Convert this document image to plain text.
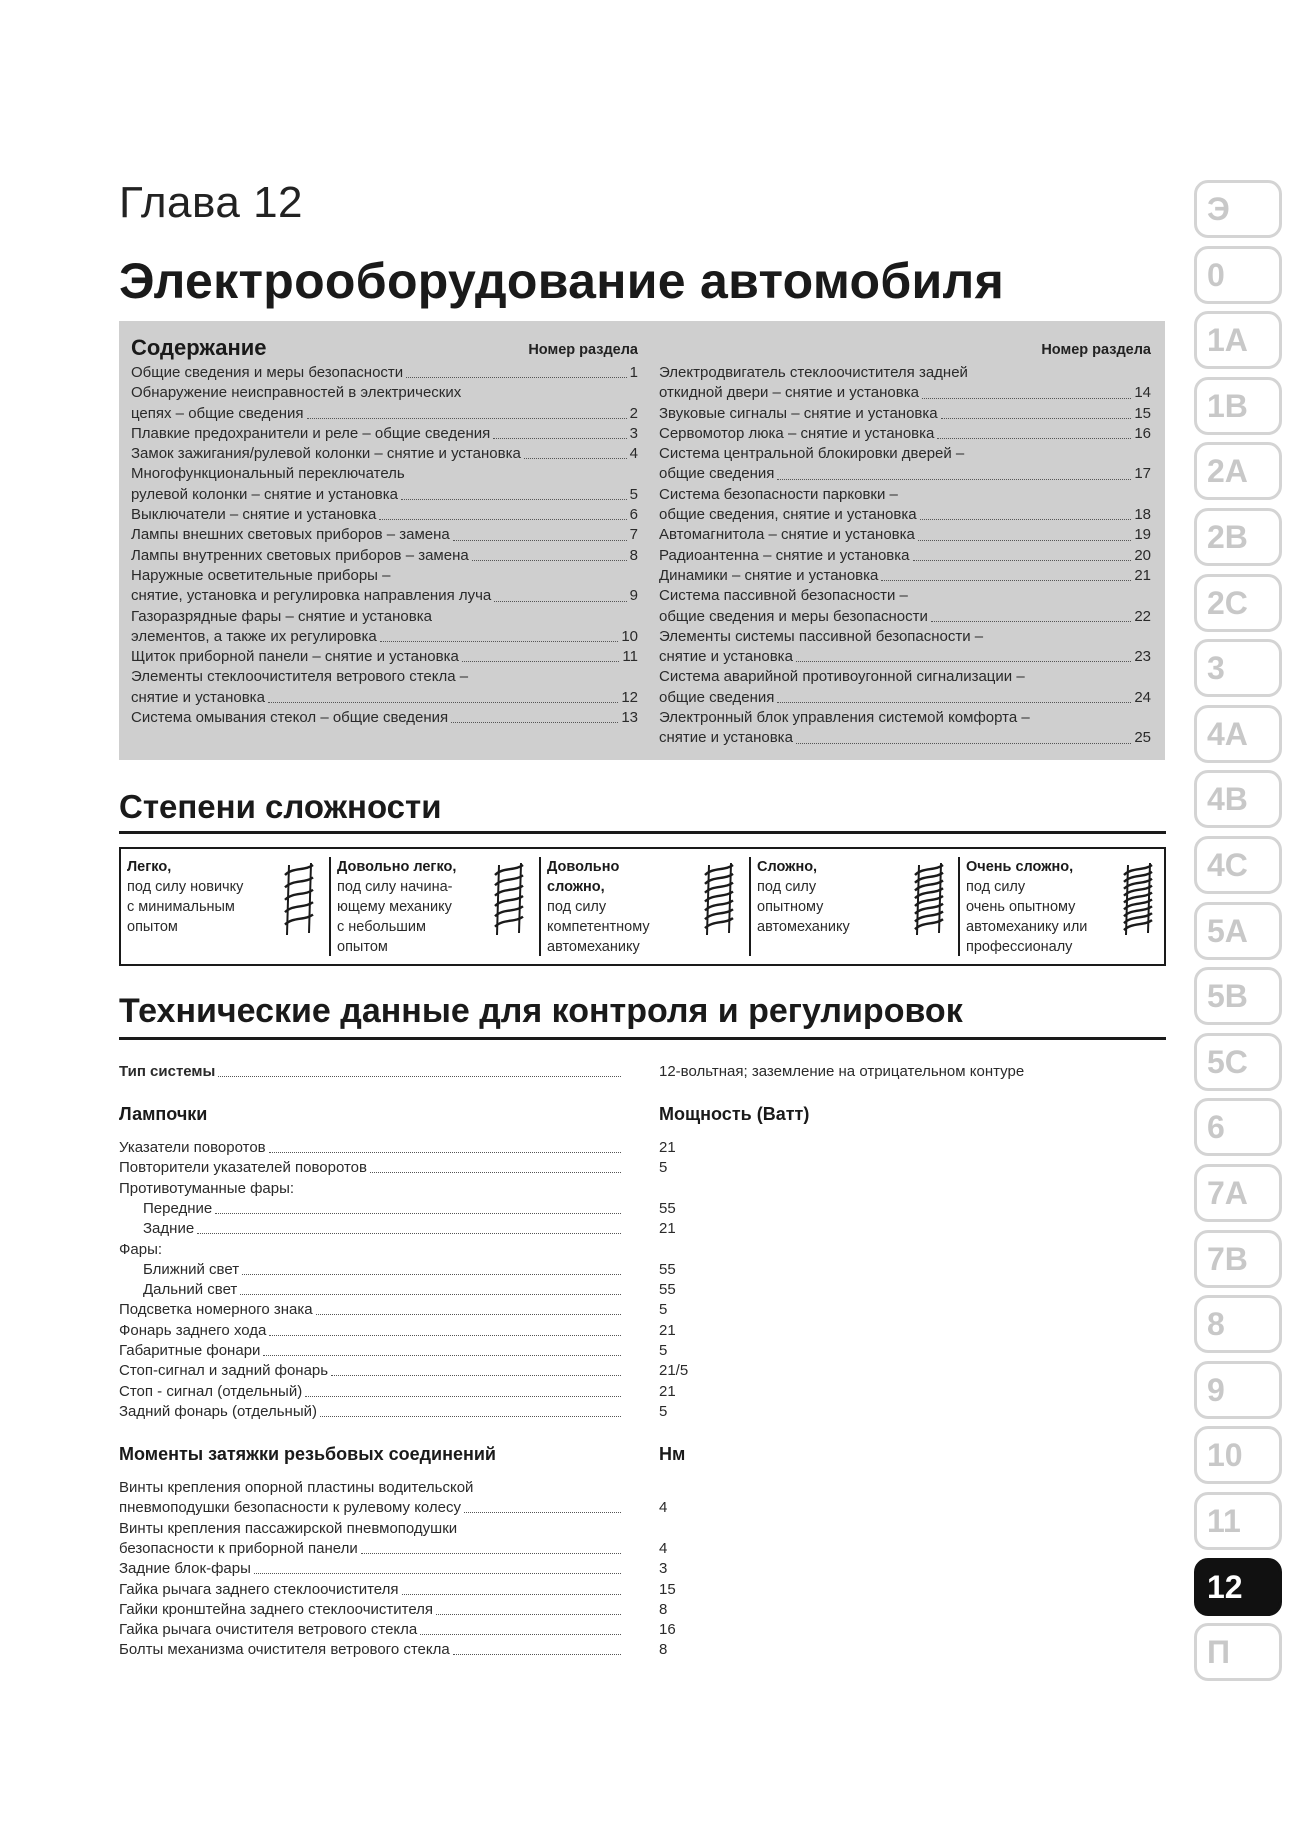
Глава 12
Электрооборудование автомобиля
Содержание	Номер раздела
Общие сведения и меры безопасности	1
Обнаружение неисправностей в электрических
цепях – общие сведения	2
Плавкие предохранители и реле – общие сведения	3
Замок зажигания/рулевой колонки – снятие и установка	4
Многофункциональный переключатель
рулевой колонки – снятие и установка	5
Выключатели – снятие и установка	6
Лампы внешних световых приборов – замена	7
Лампы внутренних световых приборов – замена	8
Наружные осветительные приборы –
снятие, установка и регулировка направления луча	9
Газоразрядные фары – снятие и установка
элементов, а также их регулировка	10
Щиток приборной панели – снятие и установка	11
Элементы стеклоочистителя ветрового стекла –
снятие и установка	12
Система омывания стекол – общие сведения	13
Номер раздела
Электродвигатель стеклоочистителя задней
откидной двери – снятие и установка	14
Звуковые сигналы – снятие и установка	15
Сервомотор люка – снятие и установка	16
Система центральной блокировки дверей –
общие сведения	17
Система безопасности парковки –
общие сведения, снятие и установка	18
Автомагнитола – снятие и установка	19
Радиоантенна – снятие и установка	20
Динамики – снятие и установка	21
Система пассивной безопасности –
общие сведения и меры безопасности	22
Элементы системы пассивной безопасности –
снятие и установка	23
Система аварийной противоугонной сигнализации –
общие сведения	24
Электронный блок управления системой комфорта –
снятие и установка	25
Степени сложности
Легко,
под силу новичку
с минимальным
опытом
Довольно легко,
под силу начина-
ющему механику
с небольшим
опытом
Довольно
сложно,
под силу
компетентному
автомеханику
Сложно,
под силу
опытному
автомеханику
Очень сложно,
под силу
очень опытному
автомеханику или
профессионалу
Технические данные для контроля и регулировок
Тип системы	12-вольтная; заземление на отрицательном контуре
Лампочки	Мощность (Ватт)
Указатели поворотов	21
Повторители указателей поворотов	5
Противотуманные фары:
Передние	55
Задние	21
Фары:
Ближний свет	55
Дальний свет	55
Подсветка номерного знака	5
Фонарь заднего хода	21
Габаритные фонари	5
Стоп-сигнал и задний фонарь	21/5
Стоп - сигнал (отдельный)	21
Задний фонарь (отдельный)	5
Моменты затяжки резьбовых соединений	Нм
Винты крепления опорной пластины водительской
пневмоподушки безопасности к рулевому колесу	4
Винты крепления пассажирской пневмоподушки
безопасности к приборной панели	4
Задние блок-фары	3
Гайка рычага заднего стеклоочистителя	15
Гайки кронштейна заднего стеклоочистителя	8
Гайка рычага очистителя ветрового стекла	16
Болты механизма очистителя ветрового стекла	8
Э
0
1A
1B
2A
2B
2C
3
4A
4B
4C
5A
5B
5C
6
7A
7B
8
9
10
11
12
П
